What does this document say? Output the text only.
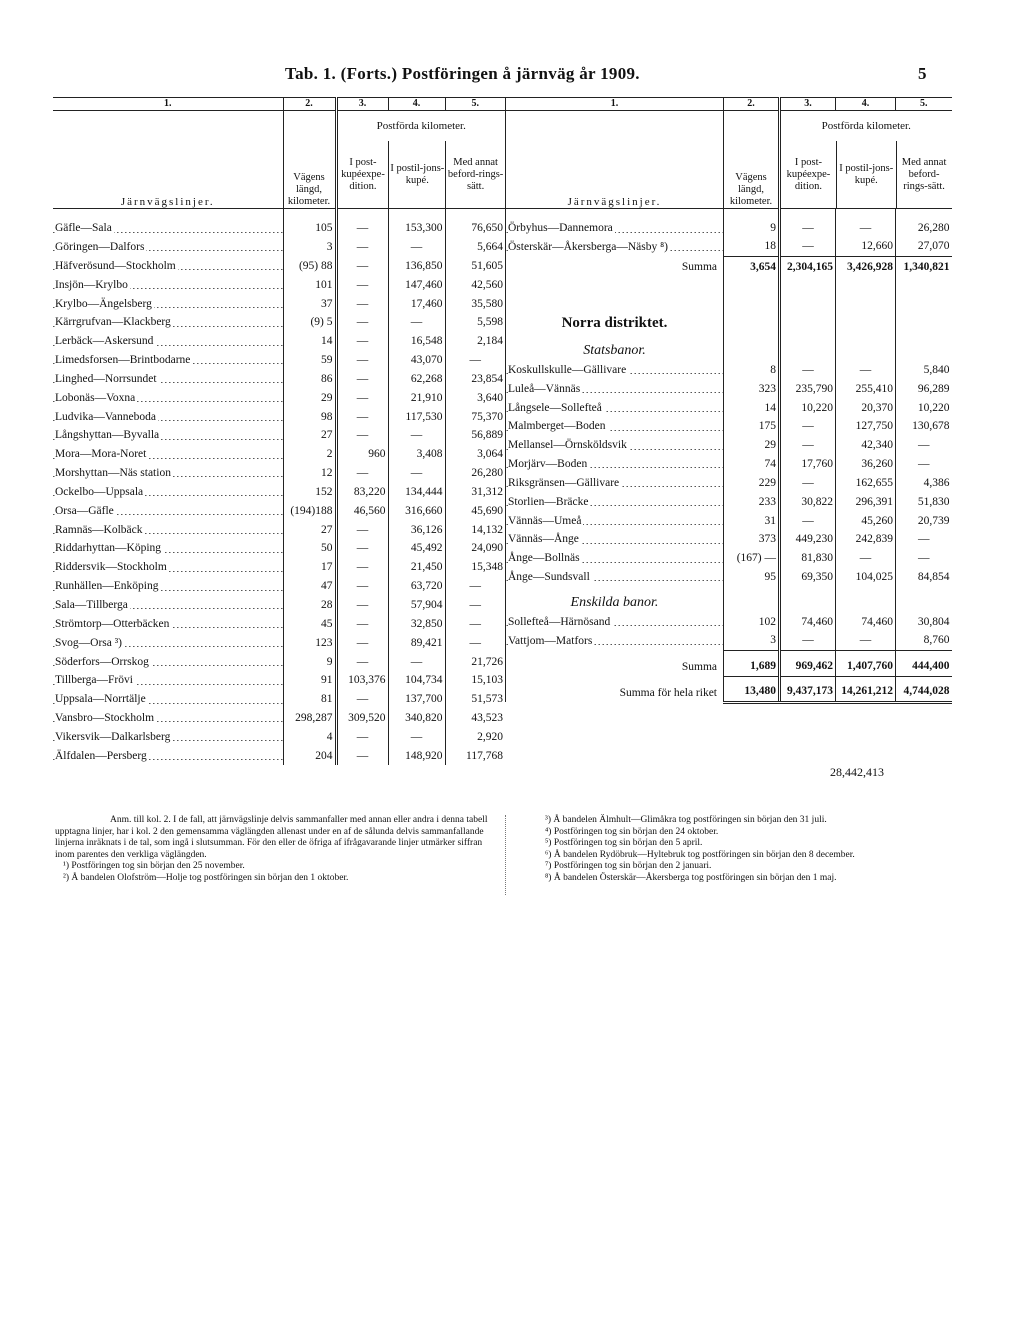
Tab. 1. (Forts.) Postföringen å järnväg år 1909.	5
1.	2.	3.	4.	5.
Järnvägslinjer.	Vägens längd, kilometer.	Postförda kilometer.
I post-kupéexpe-dition.
I postil-jons-kupé.
Med annat beford-rings-sätt.		

Gäfle—Sala	105	—	153,300	76,650
Göringen—Dalfors	3	—	—	5,664
Häfverösund—Stockholm	(95) 88	—	136,850	51,605
Insjön—Krylbo	101	—	147,460	42,560
Krylbo—Ängelsberg	37	—	17,460	35,580
Kärrgrufvan—Klackberg	(9) 5	—	—	5,598
Lerbäck—Askersund	14	—	16,548	2,184
Limedsforsen—Brintbodarne	59	—	43,070	—
Linghed—Norrsundet	86	—	62,268	23,854
Lobonäs—Voxna	29	—	21,910	3,640
Ludvika—Vanneboda	98	—	117,530	75,370
Långshyttan—Byvalla	27	—	—	56,889
Mora—Mora-Noret	2	960	3,408	3,064
Morshyttan—Näs station	12	—	—	26,280
Ockelbo—Uppsala	152	83,220	134,444	31,312
Orsa—Gäfle	(194)188	46,560	316,660	45,690
Ramnäs—Kolbäck	27	—	36,126	14,132
Riddarhyttan—Köping	50	—	45,492	24,090
Riddersvik—Stockholm	17	—	21,450	15,348
Runhällen—Enköping	47	—	63,720	—
Sala—Tillberga	28	—	57,904	—
Strömtorp—Otterbäcken	45	—	32,850	—
Svog—Orsa ³)	123	—	89,421	—
Söderfors—Orrskog	9	—	—	21,726
Tillberga—Frövi	91	103,376	104,734	15,103
Uppsala—Norrtälje	81	—	137,700	51,573
Vansbro—Stockholm	298,287	309,520	340,820	43,523
Vikersvik—Dalkarlsberg	4	—	—	2,920
Älfdalen—Persberg	204	—	148,920	117,768
1.	2.	3.	4.	5.
Järnvägslinjer.	Vägens längd, kilometer.	Postförda kilometer.
I post-kupéexpe-dition.
I postil-jons-kupé.
Med annat beford-rings-sätt.		

Örbyhus—Dannemora	9	—	—	26,280
Österskär—Åkersberga—Näsby ⁸)	18	—	12,660	27,070
Summa	3,654	2,304,165	3,426,928	1,340,821
Norra distriktet.				
Statsbanor.				
Koskullskulle—Gällivare	8	—	—	5,840
Luleå—Vännäs	323	235,790	255,410	96,289
Långsele—Sollefteå	14	10,220	20,370	10,220
Malmberget—Boden	175	—	127,750	130,678
Mellansel—Örnsköldsvik	29	—	42,340	—
Morjärv—Boden	74	17,760	36,260	—
Riksgränsen—Gällivare	229	—	162,655	4,386
Storlien—Bräcke	233	30,822	296,391	51,830
Vännäs—Umeå	31	—	45,260	20,739
Vännäs—Ånge	373	449,230	242,839	—
Ånge—Bollnäs	(167) —	81,830	—	—
Ånge—Sundsvall	95	69,350	104,025	84,854
Enskilda banor.				
Sollefteå—Härnösand	102	74,460	74,460	30,804
Vattjom—Matfors	3	—	—	8,760
Summa	1,689	969,462	1,407,760	444,400
Summa för hela riket	13,480	9,437,173	14,261,212	4,744,028
28,442,413

Anm. till kol. 2. I de fall, att järnvägslinje delvis sammanfaller med annan eller andra i denna tabell upptagna linjer, har i kol. 2 den gemensamma väglängden allenast under en af de sålunda delvis sammanfallande linjerna inräknats i de tal, som ingå i slutsumman. För den eller de öfriga af ifrågavarande linjer utmärker siffran inom parentes den verkliga väglängden.

¹) Postföringen tog sin början den 25 november.

²) Å bandelen Olofström—Holje tog postföringen sin början den 1 oktober.

³) Å bandelen Älmhult—Glimåkra tog postföringen sin början den 31 juli.

⁴) Postföringen tog sin början den 24 oktober.

⁵) Postföringen tog sin början den 5 april.

⁶) Å bandelen Rydöbruk—Hyltebruk tog postföringen sin början den 8 december.

⁷) Postföringen tog sin början den 2 januari.

⁸) Å bandelen Österskär—Åkersberga tog postföringen sin början den 1 maj.
